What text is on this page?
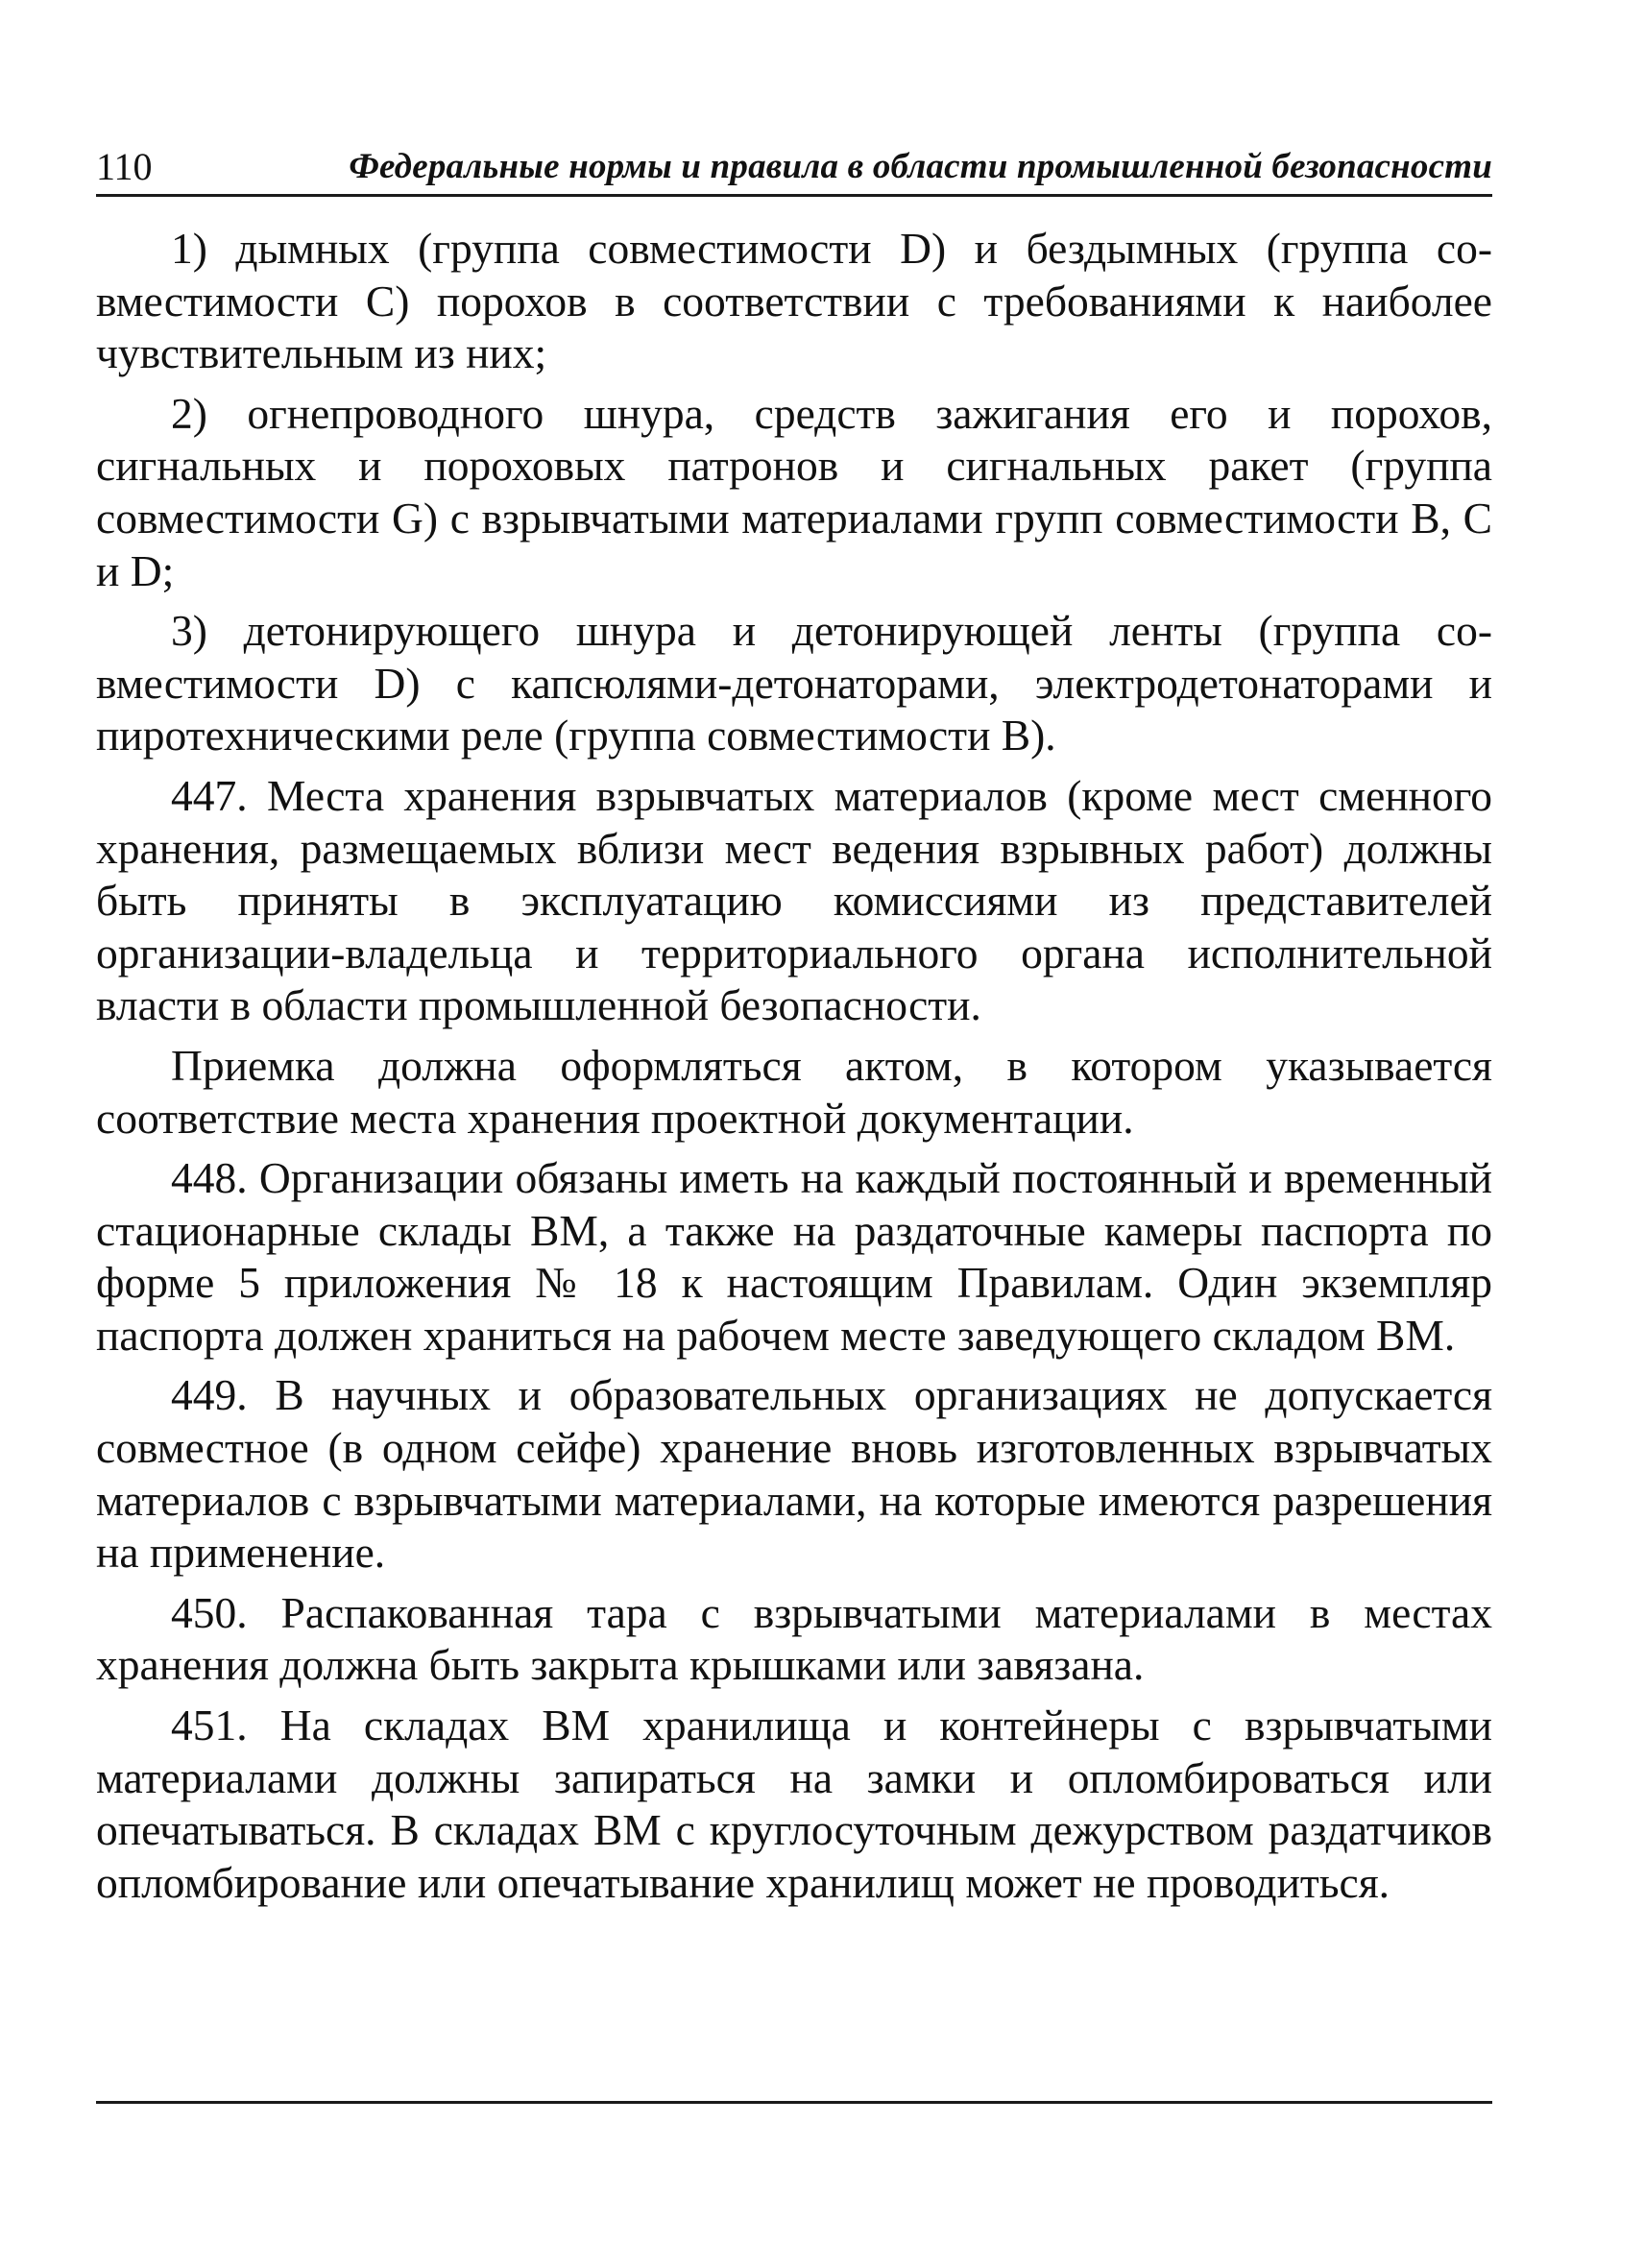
110	Федеральные нормы и правила в области промышленной безопасности

1) дымных (группа совместимости D) и бездымных (группа совместимости C) порохов в соответствии с требованиями к наиболее чувствительным из них;

2) огнепроводного шнура, средств зажигания его и порохов, сигнальных и пороховых патронов и сигнальных ракет (группа совместимости G) с взрывчатыми материалами групп совместимости B, C и D;

3) детонирующего шнура и детонирующей ленты (группа совместимости D) с капсюлями-детонаторами, электродетонаторами и пиротехническими реле (группа совместимости B).

447. Места хранения взрывчатых материалов (кроме мест сменного хранения, размещаемых вблизи мест ведения взрывных работ) должны быть приняты в эксплуатацию комиссиями из представителей организации-владельца и территориального органа исполнительной власти в области промышленной безопасности.

Приемка должна оформляться актом, в котором указывается соответствие места хранения проектной документации.

448. Организации обязаны иметь на каждый постоянный и временный стационарные склады ВМ, а также на раздаточные камеры паспорта по форме 5 приложения № 18 к настоящим Правилам. Один экземпляр паспорта должен храниться на рабочем месте заведующего складом ВМ.

449. В научных и образовательных организациях не допускается совместное (в одном сейфе) хранение вновь изготовленных взрывчатых материалов с взрывчатыми материалами, на которые имеются разрешения на применение.

450. Распакованная тара с взрывчатыми материалами в местах хранения должна быть закрыта крышками или завязана.

451. На складах ВМ хранилища и контейнеры с взрывчатыми материалами должны запираться на замки и опломбироваться или опечатываться. В складах ВМ с круглосуточным дежурством раздатчиков опломбирование или опечатывание хранилищ может не проводиться.
